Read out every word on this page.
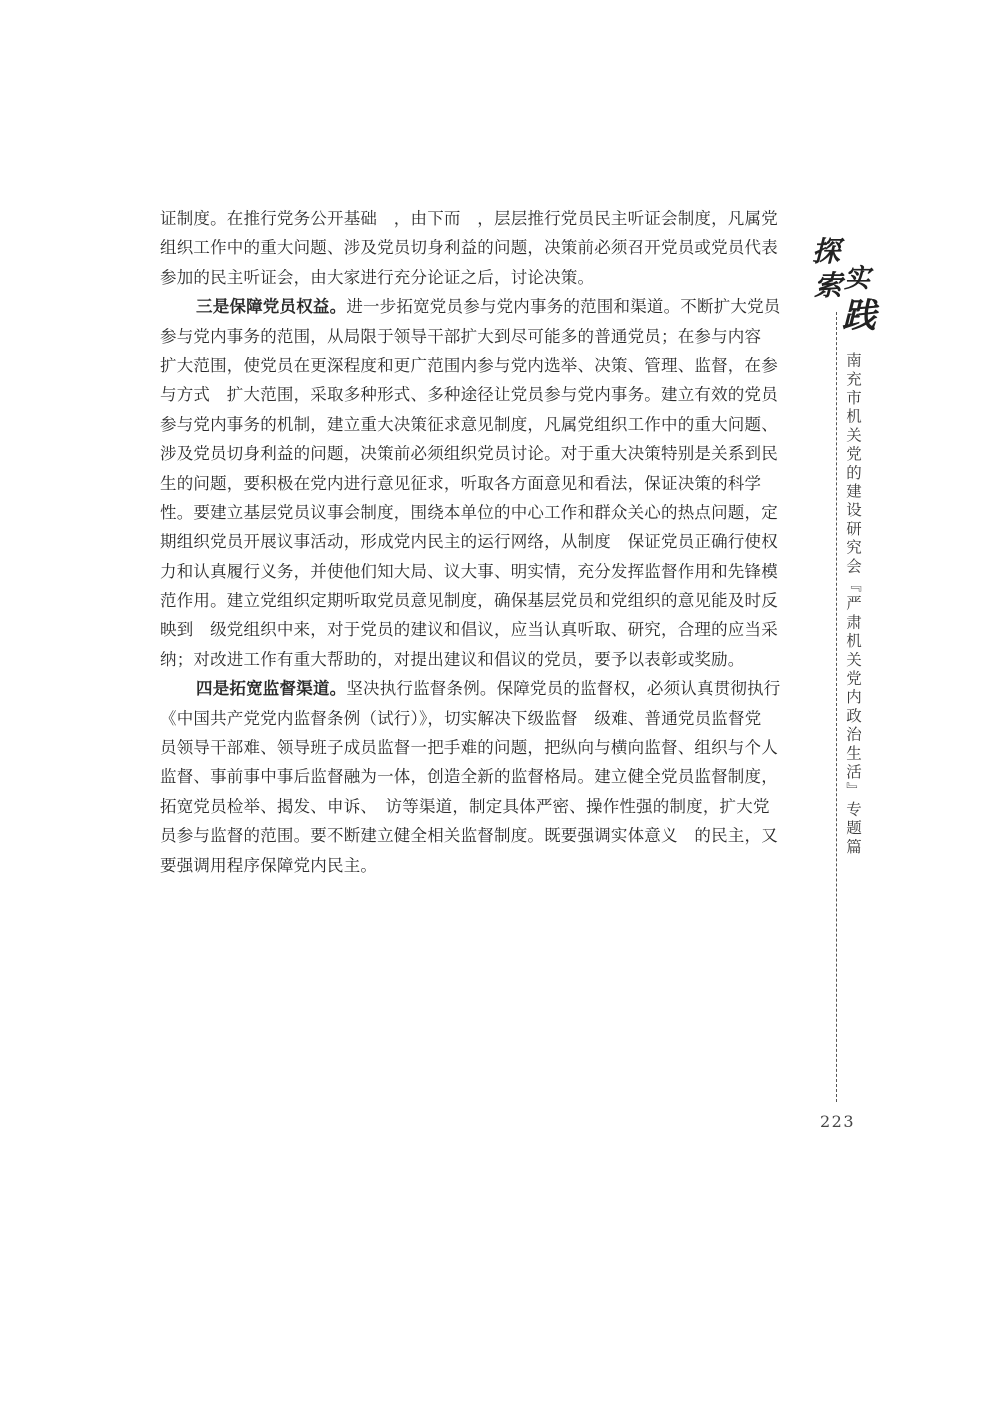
证制度。在推行党务公开基础　，由下而　，层层推行党员民主听证会制度，凡属党
组织工作中的重大问题、涉及党员切身利益的问题，决策前必须召开党员或党员代表
参加的民主听证会，由大家进行充分论证之后，讨论决策。
三是保障党员权益。进一步拓宽党员参与党内事务的范围和渠道。不断扩大党员
参与党内事务的范围，从局限于领导干部扩大到尽可能多的普通党员；在参与内容
扩大范围，使党员在更深程度和更广范围内参与党内选举、决策、管理、监督，在参
与方式　扩大范围，采取多种形式、多种途径让党员参与党内事务。建立有效的党员
参与党内事务的机制，建立重大决策征求意见制度，凡属党组织工作中的重大问题、
涉及党员切身利益的问题，决策前必须组织党员讨论。对于重大决策特别是关系到民
生的问题，要积极在党内进行意见征求，听取各方面意见和看法，保证决策的科学
性。要建立基层党员议事会制度，围绕本单位的中心工作和群众关心的热点问题，定
期组织党员开展议事活动，形成党内民主的运行网络，从制度　保证党员正确行使权
力和认真履行义务，并使他们知大局、议大事、明实情，充分发挥监督作用和先锋模
范作用。建立党组织定期听取党员意见制度，确保基层党员和党组织的意见能及时反
映到　级党组织中来，对于党员的建议和倡议，应当认真听取、研究，合理的应当采
纳；对改进工作有重大帮助的，对提出建议和倡议的党员，要予以表彰或奖励。
四是拓宽监督渠道。坚决执行监督条例。保障党员的监督权，必须认真贯彻执行
《中国共产党党内监督条例（试行）》，切实解决下级监督　级难、普通党员监督党
员领导干部难、领导班子成员监督一把手难的问题，把纵向与横向监督、组织与个人
监督、事前事中事后监督融为一体，创造全新的监督格局。建立健全党员监督制度，
拓宽党员检举、揭发、申诉、　访等渠道，制定具体严密、操作性强的制度，扩大党
员参与监督的范围。要不断建立健全相关监督制度。既要强调实体意义　的民主，又
要强调用程序保障党内民主。
探
索 实
践
南充市机关党的建设研究会『严肃机关党内政治生活』专题篇
223
